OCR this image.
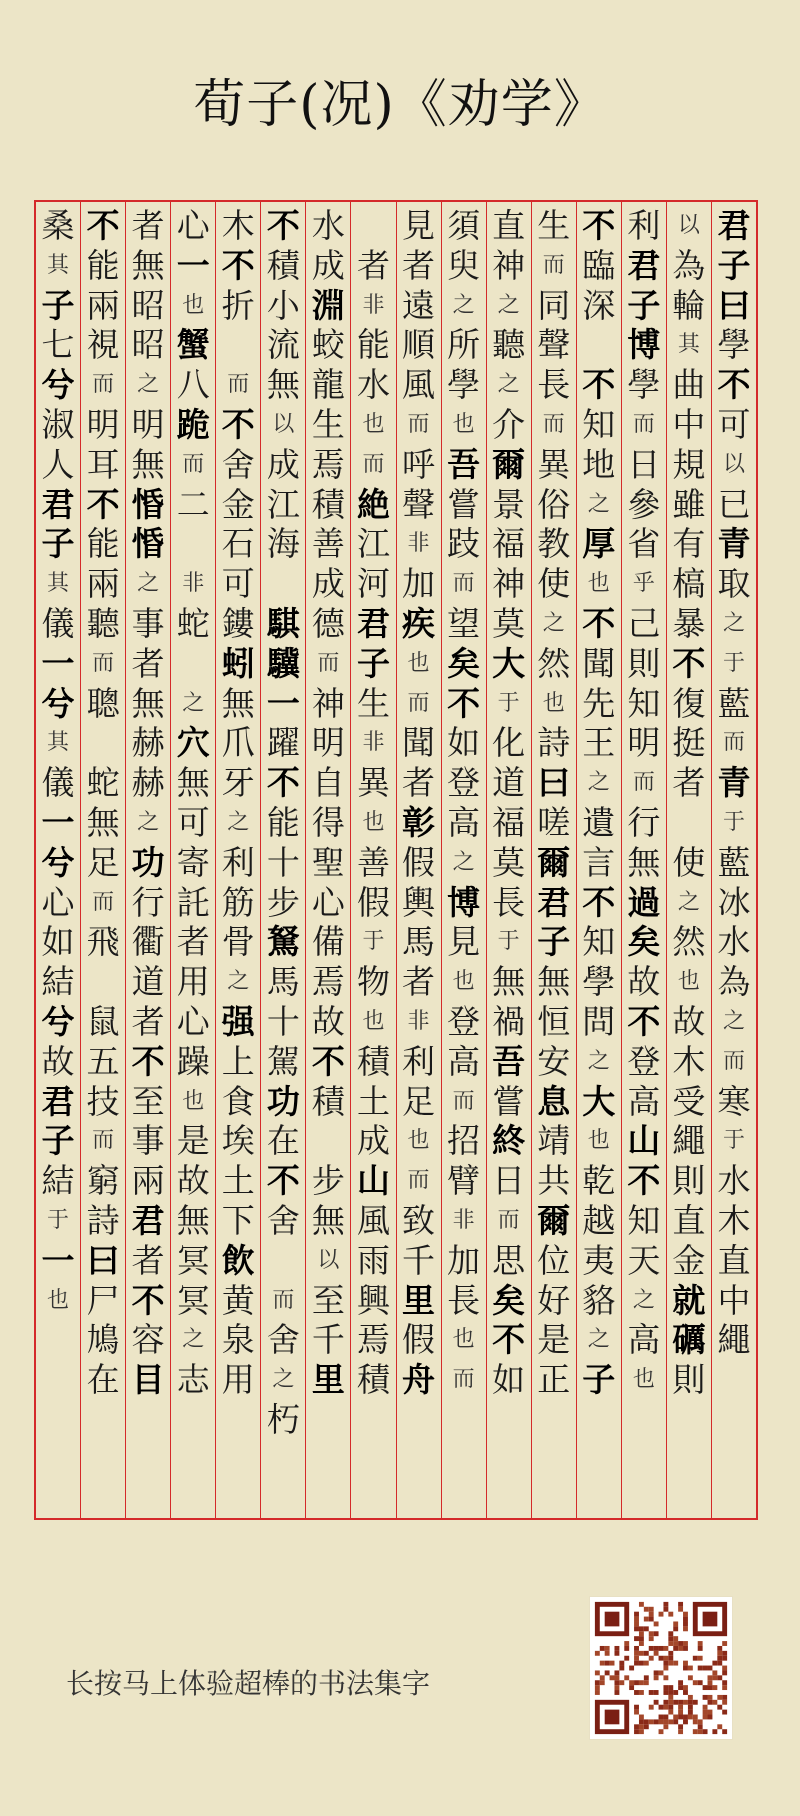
荀子(况)《劝学》
君
子
曰
學
不
可
以
已
青
取
之
于
藍
而
青
于
藍
冰
水
為
之
而
寒
于
水
木
直
中
繩
以
為
輪
其
曲
中
規
雖
有
槁
暴
不
復
挺
者
使
之
然
也
故
木
受
繩
則
直
金
就
礪
則
利
君
子
博
學
而
日
參
省
乎
己
則
知
明
而
行
無
過
矣
故
不
登
高
山
不
知
天
之
高
也
不
臨
深
不
知
地
之
厚
也
不
聞
先
王
之
遺
言
不
知
學
問
之
大
也
乾
越
夷
貉
之
子
生
而
同
聲
長
而
異
俗
教
使
之
然
也
詩
曰
嗟
爾
君
子
無
恒
安
息
靖
共
爾
位
好
是
正
直
神
之
聽
之
介
爾
景
福
神
莫
大
于
化
道
福
莫
長
于
無
禍
吾
嘗
終
日
而
思
矣
不
如
須
臾
之
所
學
也
吾
嘗
跂
而
望
矣
不
如
登
高
之
博
見
也
登
高
而
招
臂
非
加
長
也
而
見
者
遠
順
風
而
呼
聲
非
加
疾
也
而
聞
者
彰
假
輿
馬
者
非
利
足
也
而
致
千
里
假
舟
者
非
能
水
也
而
絶
江
河
君
子
生
非
異
也
善
假
于
物
也
積
土
成
山
風
雨
興
焉
積
水
成
淵
蛟
龍
生
焉
積
善
成
德
而
神
明
自
得
聖
心
備
焉
故
不
積
步
無
以
至
千
里
不
積
小
流
無
以
成
江
海
騏
驥
一
躍
不
能
十
步
駑
馬
十
駕
功
在
不
舍
而
舍
之
朽
木
不
折
而
不
舍
金
石
可
鏤
蚓
無
爪
牙
之
利
筋
骨
之
强
上
食
埃
土
下
飲
黄
泉
用
心
一
也
蟹
八
跪
而
二
非
蛇
之
穴
無
可
寄
託
者
用
心
躁
也
是
故
無
冥
冥
之
志
者
無
昭
昭
之
明
無
惛
惛
之
事
者
無
赫
赫
之
功
行
衢
道
者
不
至
事
兩
君
者
不
容
目
不
能
兩
視
而
明
耳
不
能
兩
聽
而
聰
蛇
無
足
而
飛
鼠
五
技
而
窮
詩
曰
尸
鳩
在
桑
其
子
七
兮
淑
人
君
子
其
儀
一
兮
其
儀
一
兮
心
如
結
兮
故
君
子
結
于
一
也
长按马上体验超棒的书法集字
